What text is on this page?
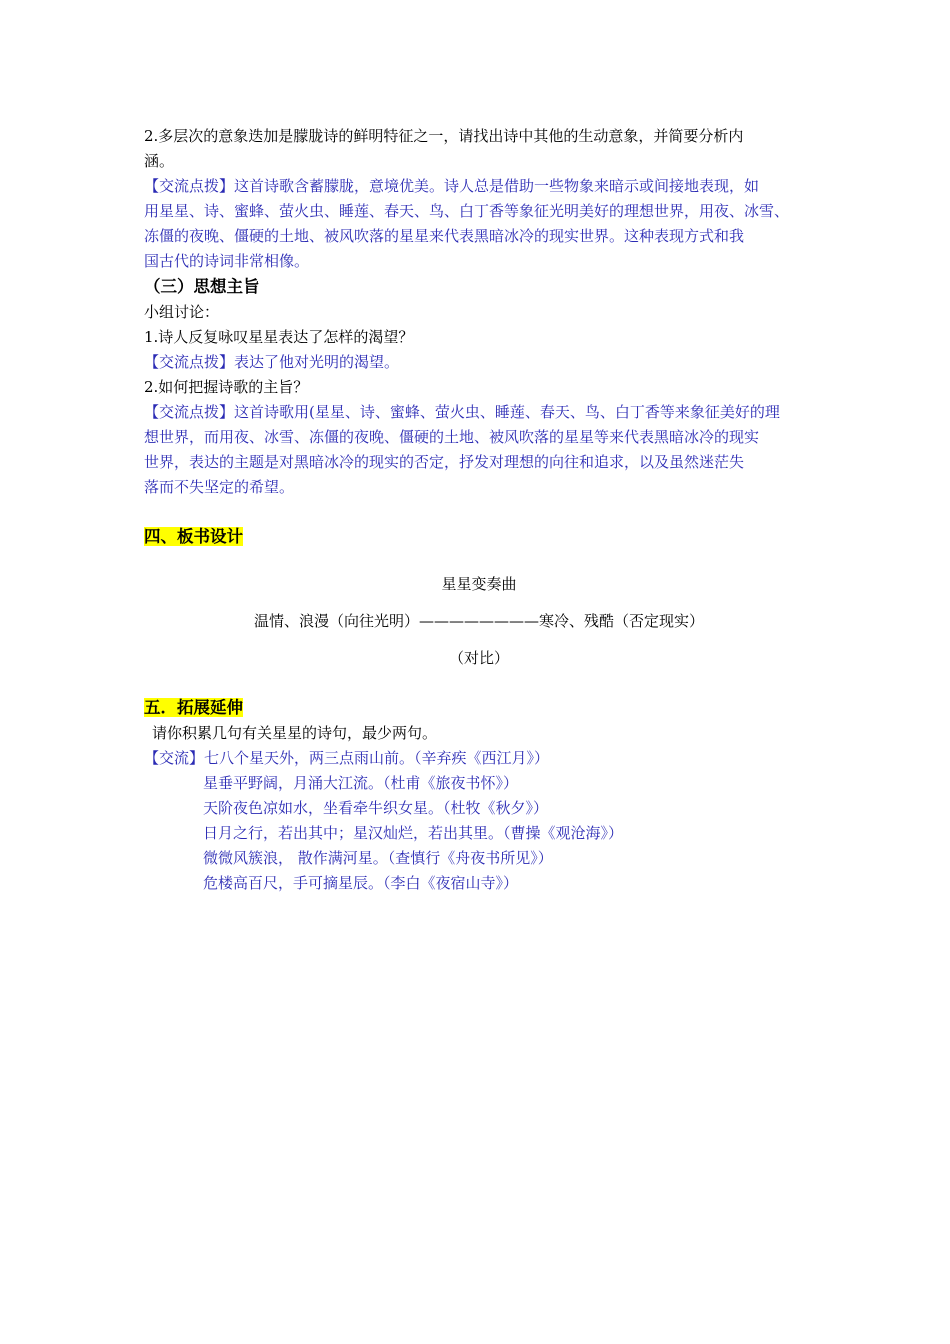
2.多层次的意象迭加是朦胧诗的鲜明特征之一，请找出诗中其他的生动意象，并简要分析内

涵。

【交流点拨】这首诗歌含蓄朦胧，意境优美。诗人总是借助一些物象来暗示或间接地表现，如

用星星、诗、蜜蜂、萤火虫、睡莲、春天、鸟、白丁香等象征光明美好的理想世界，用夜、冰雪、

冻僵的夜晚、僵硬的土地、被风吹落的星星来代表黑暗冰冷的现实世界。这种表现方式和我

国古代的诗词非常相像。

（三）思想主旨

小组讨论：

1.诗人反复咏叹星星表达了怎样的渴望？

【交流点拨】表达了他对光明的渴望。

2.如何把握诗歌的主旨？

【交流点拨】这首诗歌用(星星、诗、蜜蜂、萤火虫、睡莲、春天、鸟、白丁香等来象征美好的理

想世界，而用夜、冰雪、冻僵的夜晚、僵硬的土地、被风吹落的星星等来代表黑暗冰冷的现实

世界，表达的主题是对黑暗冰冷的现实的否定，抒发对理想的向往和追求，以及虽然迷茫失

落而不失坚定的希望。

四、板书设计

星星变奏曲

温情、浪漫（向往光明）————————寒冷、残酷（否定现实）

（对比）

五．拓展延伸

请你积累几句有关星星的诗句，最少两句。

【交流】七八个星天外，两三点雨山前。（辛弃疾《西江月》）

星垂平野阔，月涌大江流。（杜甫《旅夜书怀》）

天阶夜色凉如水，坐看牵牛织女星。（杜牧《秋夕》）

日月之行，若出其中；星汉灿烂，若出其里。（曹操《观沧海》）

微微风簇浪， 散作满河星。（查慎行《舟夜书所见》）

危楼高百尺，手可摘星辰。（李白《夜宿山寺》）
